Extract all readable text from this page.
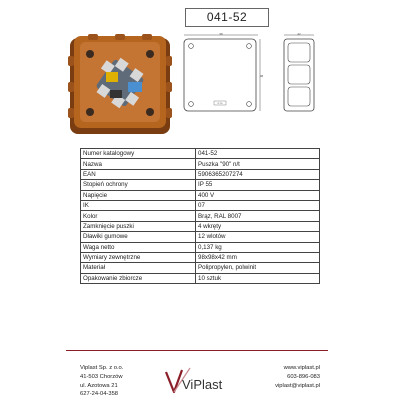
041-52
98
IP 55
98
42
Numer katalogowy	041-52
Nazwa	Puszka "90" n/t
EAN	5906365207274
Stopień ochrony	IP 55
Napięcie	400 V
IK	07
Kolor	Brąz, RAL 8007
Zamknięcie puszki	4 wkręty
Dławiki gumowe	12 wlotów
Waga netto	0,137 kg
Wymiary zewnętrzne	98x98x42 mm
Materiał	Polipropylen, polwinit
Opakowanie zbiorcze	10 sztuk
Viplast Sp. z o.o.
41-503 Chorzów
ul. Azotowa 21
627-24-04-358
ViPlast
www.viplast.pl
603-896-083
viplast@viplast.pl
